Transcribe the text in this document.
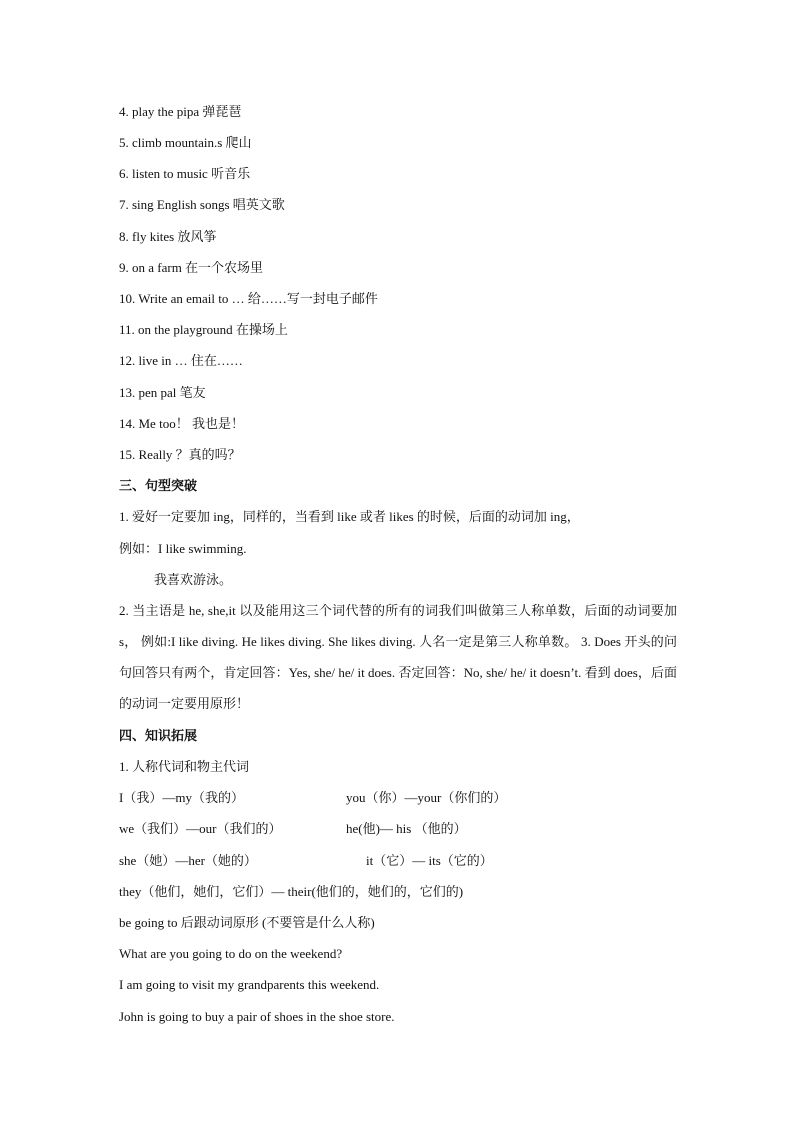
4. play the pipa 弹琵琶
5. climb mountain.s 爬山
6. listen to music 听音乐
7. sing English songs 唱英文歌
8. fly kites 放风筝
9. on a farm 在一个农场里
10. Write an email to … 给……写一封电子邮件
11. on the playground 在操场上
12. live in … 住在……
13. pen pal 笔友
14. Me too！ 我也是！
15. Really ？真的吗？
三、句型突破
1. 爱好一定要加 ing，同样的，当看到 like 或者 likes 的时候，后面的动词加 ing，
例如：I like swimming.
我喜欢游泳。
2. 当主语是 he, she,it 以及能用这三个词代替的所有的词我们叫做第三人称单数，后面的动词要加 s， 例如:I like diving. He likes diving. She likes diving. 人名一定是第三人称单数。 3. Does 开头的问句回答只有两个，肯定回答：Yes, she/ he/ it does. 否定回答：No, she/ he/ it doesn’t. 看到 does，后面的动词一定要用原形！
四、知识拓展
1. 人称代词和物主代词
I（我）—my（我的）	you（你）—your（你们的）
we（我们）—our（我们的）	he(他)— his （他的）
she（她）—her（她的）	it（它）— its（它的）
they（他们，她们，它们）— their(他们的，她们的，它们的)
be going to 后跟动词原形 (不要管是什么人称)
What are you going to do on the weekend?
I am going to visit my grandparents this weekend.
John is going to buy a pair of shoes in the shoe store.
